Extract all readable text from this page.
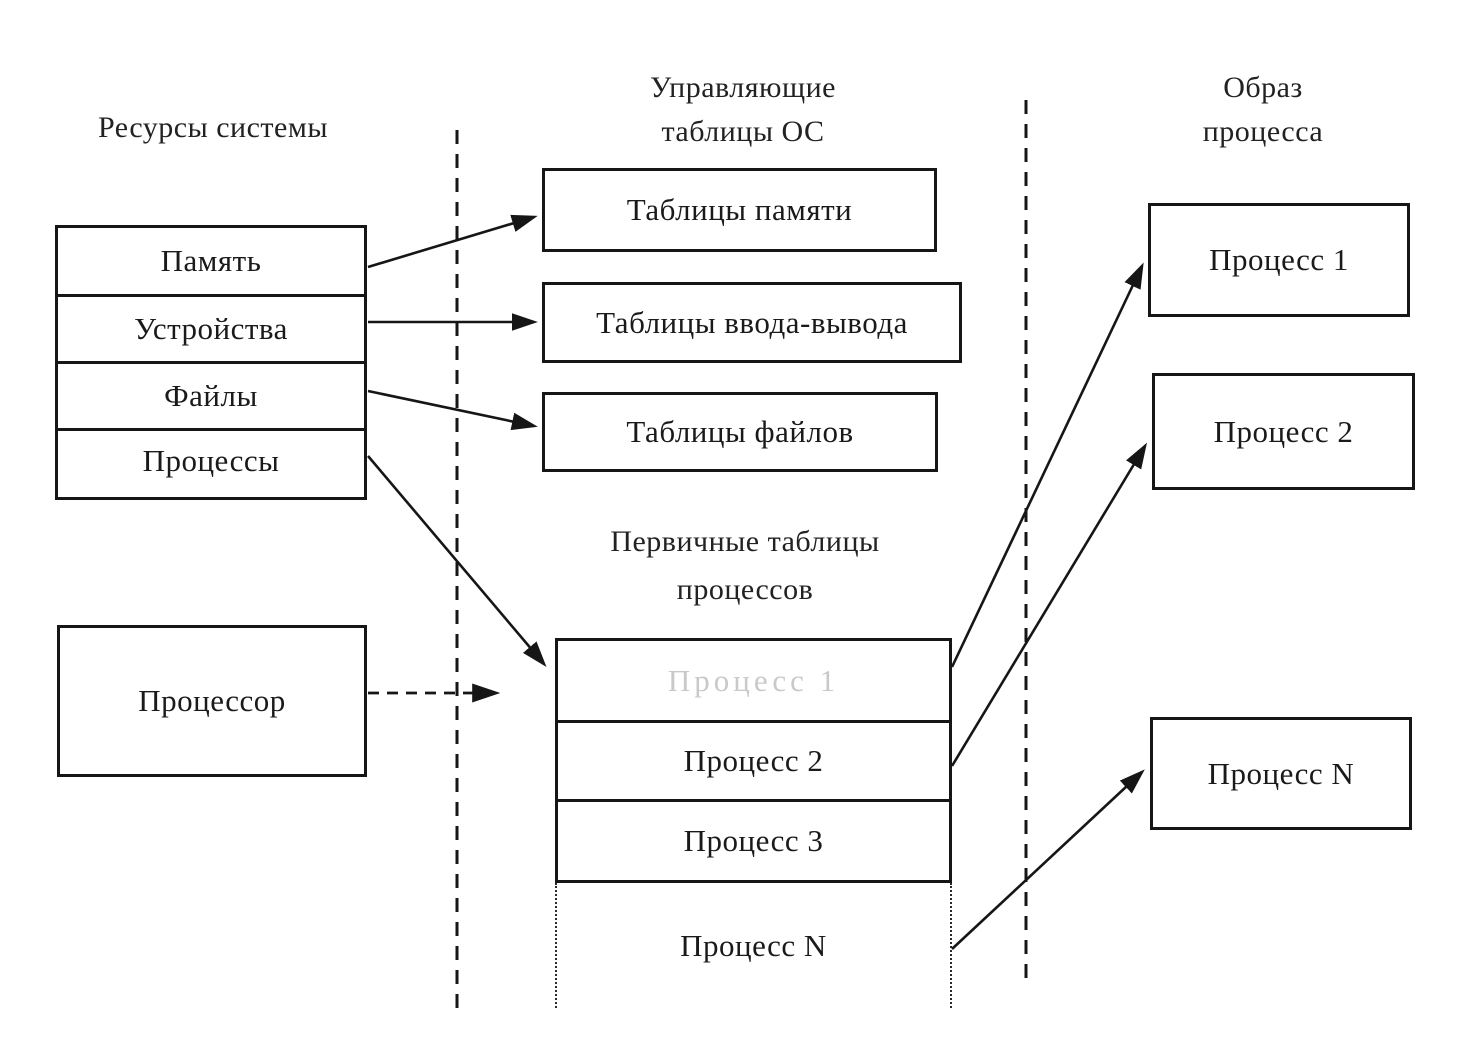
Ресурсы системы
Управляющие
таблицы ОС
Образ
процесса
Первичные таблицы
процессов
Память
Устройства
Файлы
Процессы
Процессор
Таблицы памяти
Таблицы ввода-вывода
Таблицы файлов
Процесс 1
Процесс 2
Процесс 3
Процесс N
Процесс 1
Процесс 2
Процесс N
